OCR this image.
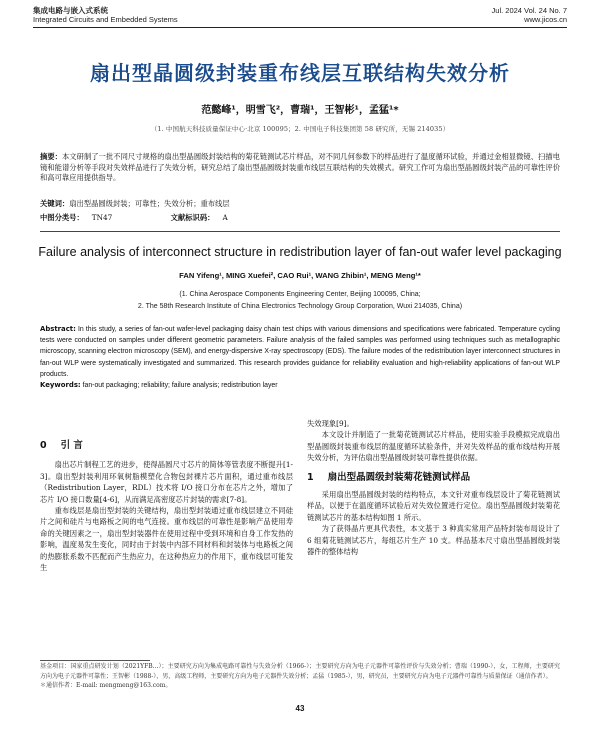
集成电路与嵌入式系统
Integrated Circuits and Embedded Systems
Jul. 2024 Vol. 24 No. 7
www.jicos.cn
扇出型晶圆级封装重布线层互联结构失效分析
范懿峰¹，明雪飞²，曹瑞¹，王智彬¹，孟猛¹*
（1. 中国航天科技质量保证中心·北京 100095；2. 中国电子科技集团第 58 研究所，无锡 214035）
摘要：本文研制了一批不同尺寸规格的扇出型晶圆级封装结构的菊花链测试芯片样品，对不同几何参数下的样品进行了温度循环试验，并通过金相显微镜、扫描电镜和能谱分析等手段对失效样品进行了失效分析，研究总结了扇出型晶圆级封装重布线层互联结构的失效模式。研究工作可为扇出型晶圆级封装产品的可靠性评价和高可靠应用提供指导。
关键词：扇出型晶圆级封装；可靠性；失效分析；重布线层
中图分类号： TN47	文献标识码： A
Failure analysis of interconnect structure in redistribution layer of fan-out wafer level packaging
FAN Yifeng¹, MING Xuefei², CAO Rui¹, WANG Zhibin¹, MENG Meng¹*
(1. China Aerospace Components Engineering Center, Beijing 100095, China;
2. The 58th Research Institute of China Electronics Technology Group Corporation, Wuxi 214035, China)
Abstract: In this study, a series of fan-out wafer-level packaging daisy chain test chips with various dimensions and specifications were fabricated. Temperature cycling tests were conducted on samples under different geometric parameters. Failure analysis of the failed samples was performed using techniques such as metallographic microscopy, scanning electron microscopy (SEM), and energy-dispersive X-ray spectroscopy (EDS). The failure modes of the redistribution layer interconnect structures in fan-out WLP were systematically investigated and summarized. This research provides guidance for reliability evaluation and high-reliability applications of fan-out WLP products.
Keywords: fan-out packaging; reliability; failure analysis; redistribution layer
0 引 言

扇出芯片制程工艺的进步，使得晶圆尺寸芯片的简体等管表度不断提升[1-3]。扇出型封装利用环氧树脂模塑化合物包封裸片芯片面积，通过重布线层（Redistribution Layer，RDL）技术将 I/O 接口分布在芯片之外，增加了芯片 I/O 接口数量[4-6]，从而满足高密度芯片封装的需求[7-8]。

重布线层是扇出型封装的关键结构，扇出型封装通过重布线层建立不同硅片之间和硅片与电路板之间的电气连接。重布线层的可靠性是影响产品使用寿命的关键因素之一，扇出型封装器件在使用过程中受到环境和自身工作发热的影响，温度易发生变化，同时由于封装中内部不同材料和封装体与电路板之间的热膨胀系数不匹配而产生热应力，在这种热应力的作用下，重布线层可能发生

失效现象[9]。

本文设计并制造了一批菊花链测试芯片样品，使用实验手段模拟完成扇出型晶圆级封装重布线层的温度循环试验条件，并对失效样品的重布线结构开展失效分析，为评估扇出型晶圆级封装可靠性提供依据。

1 扇出型晶圆级封装菊花链测试样品

采用扇出型晶圆级封装的结构特点，本文针对重布线层设计了菊花链测试样品，以便于在温度循环试验后对失效位置进行定位。扇出型晶圆级封装菊花链测试芯片的基本结构如图 1 所示。

为了获得晶片更具代表性，本文基于 3 种真实常用产品特封装布局设计了 6 组菊花链测试芯片，每组芯片生产 10 支。样品基本尺寸扇出型晶圆级封装器件的整体结构

基金项目：国家重点研发计划（2021YFB...）；主要研究方向为集成电路可靠性与失效分析（1966-）；主要研究方向为电子元器件可靠性评价与失效分析；曹瑞（1990-），女，工程师，主要研究方向为电子元器件可靠性；王智彬（1988-），男，高级工程师，主要研究方向为电子元器件失效分析；孟猛（1985-），男，研究员，主要研究方向为电子元器件可靠性与质量保证（通信作者）。
＊通信作者：E-mail: mengmeng@163.com。
43
